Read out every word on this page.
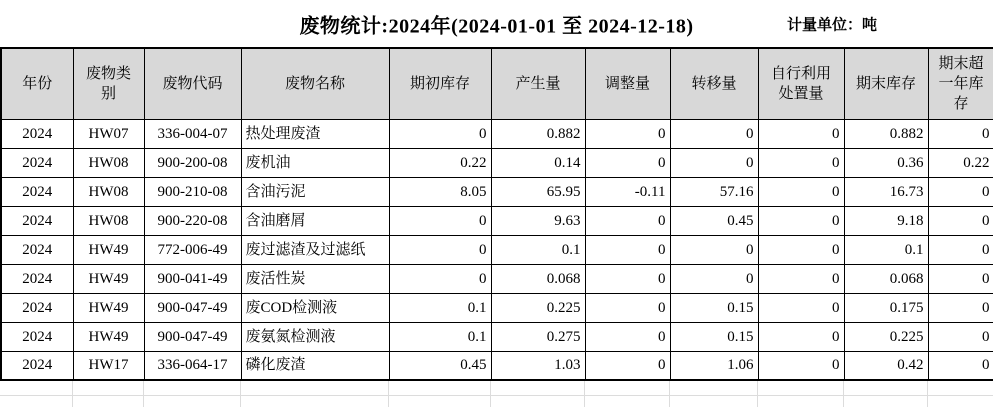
废物统计:2024年(2024-01-01 至 2024-12-18)	计量单位：吨
年份	废物类别	废物代码	废物名称	期初库存	产生量	调整量	转移量	自行利用处置量	期末库存	期末超一年库存
2024	HW07	336-004-07	热处理废渣	0	0.882	0	0	0	0.882	0
2024	HW08	900-200-08	废机油	0.22	0.14	0	0	0	0.36	0.22
2024	HW08	900-210-08	含油污泥	8.05	65.95	-0.11	57.16	0	16.73	0
2024	HW08	900-220-08	含油磨屑	0	9.63	0	0.45	0	9.18	0
2024	HW49	772-006-49	废过滤渣及过滤纸	0	0.1	0	0	0	0.1	0
2024	HW49	900-041-49	废活性炭	0	0.068	0	0	0	0.068	0
2024	HW49	900-047-49	废COD检测液	0.1	0.225	0	0.15	0	0.175	0
2024	HW49	900-047-49	废氨氮检测液	0.1	0.275	0	0.15	0	0.225	0
2024	HW17	336-064-17	磷化废渣	0.45	1.03	0	1.06	0	0.42	0
